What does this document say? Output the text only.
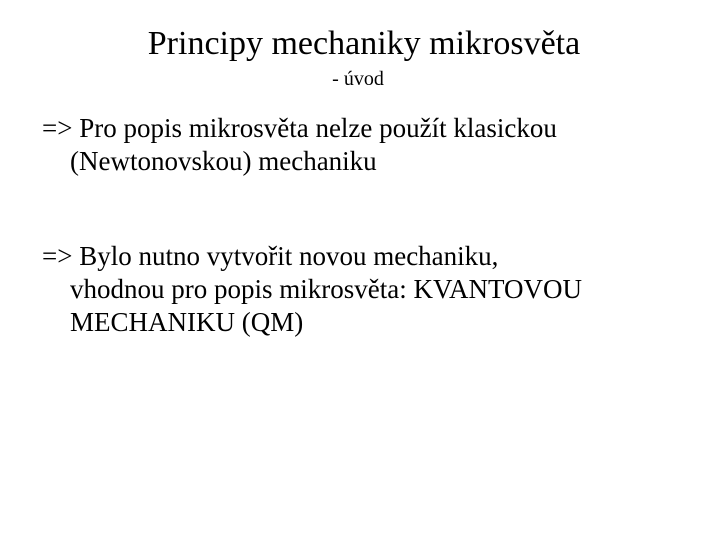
Principy mechaniky mikrosvěta
- úvod
=> Pro popis mikrosvěta nelze použít klasickou
(Newtonovskou) mechaniku
=> Bylo nutno vytvořit novou mechaniku,
vhodnou pro popis mikrosvěta: KVANTOVOU
MECHANIKU (QM)
